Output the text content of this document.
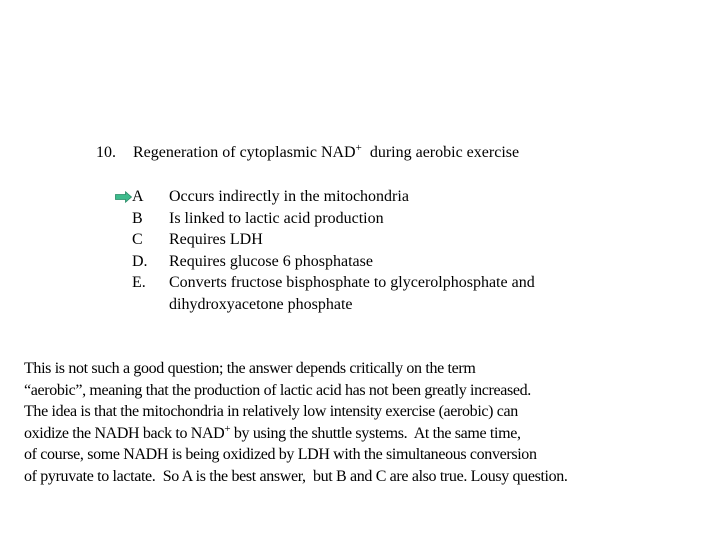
10. Regeneration of cytoplasmic NAD+  during aerobic exercise
A	Occurs indirectly in the mitochondria
B	Is linked to lactic acid production
C	Requires LDH
D.	Requires glucose 6 phosphatase
E.	Converts fructose bisphosphate to glycerolphosphate and dihydroxyacetone phosphate
This is not such a good question; the answer depends critically on the term
“aerobic”, meaning that the production of lactic acid has not been greatly increased.
The idea is that the mitochondria in relatively low intensity exercise (aerobic) can
oxidize the NADH back to NAD+ by using the shuttle systems.  At the same time,
of course, some NADH is being oxidized by LDH with the simultaneous conversion
of pyruvate to lactate.  So A is the best answer,  but B and C are also true. Lousy question.
